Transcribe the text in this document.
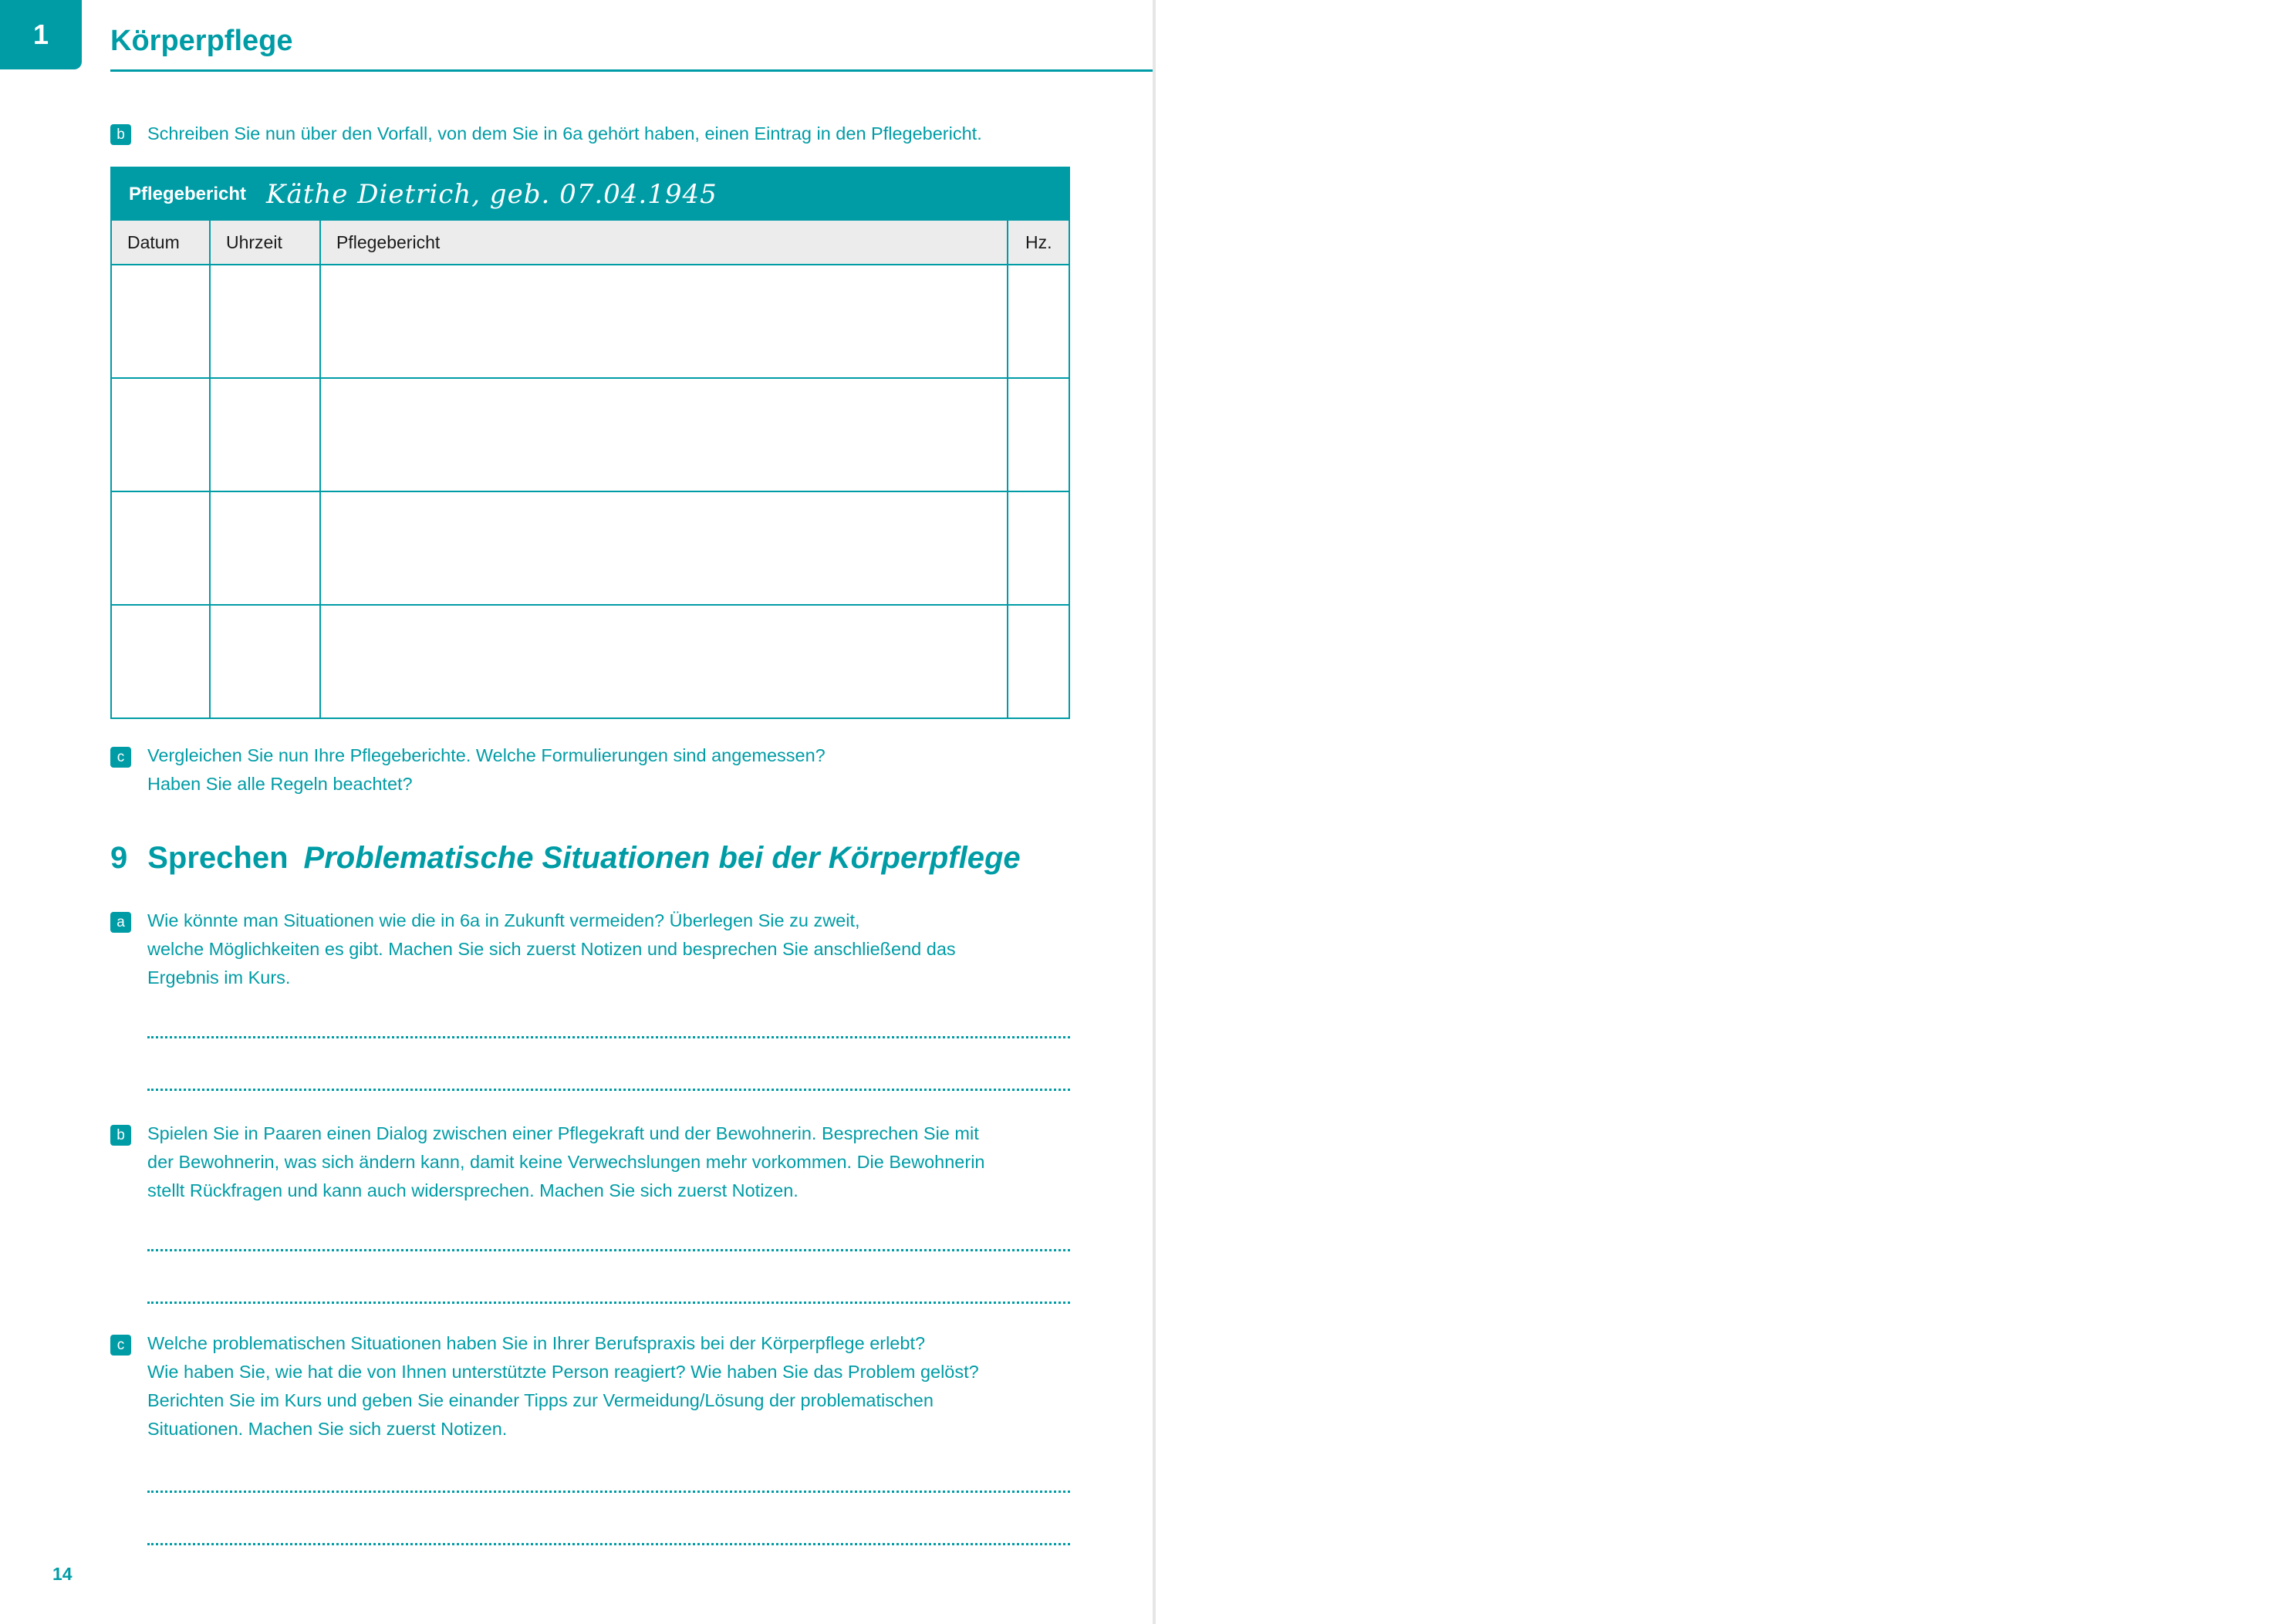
1	Körperpflege
b	Schreiben Sie nun über den Vorfall, von dem Sie in 6a gehört haben, einen Eintrag in den Pflegebericht.
Pflegebericht Käthe Dietrich, geb. 07.04.1945
Datum	Uhrzeit	Pflegebericht	Hz.
c	Vergleichen Sie nun Ihre Pflegeberichte. Welche Formulierungen sind angemessen?
Haben Sie alle Regeln beachtet?
9 Sprechen Problematische Situationen bei der Körperpflege
a	Wie könnte man Situationen wie die in 6a in Zukunft vermeiden? Überlegen Sie zu zweit,
welche Möglichkeiten es gibt. Machen Sie sich zuerst Notizen und besprechen Sie anschließend das
Ergebnis im Kurs.
b	Spielen Sie in Paaren einen Dialog zwischen einer Pflegekraft und der Bewohnerin. Besprechen Sie mit
der Bewohnerin, was sich ändern kann, damit keine Verwechslungen mehr vorkommen. Die Bewohnerin
stellt Rückfragen und kann auch widersprechen. Machen Sie sich zuerst Notizen.
c	Welche problematischen Situationen haben Sie in Ihrer Berufspraxis bei der Körperpflege erlebt?
Wie haben Sie, wie hat die von Ihnen unterstützte Person reagiert? Wie haben Sie das Problem gelöst?
Berichten Sie im Kurs und geben Sie einander Tipps zur Vermeidung/Lösung der problematischen
Situationen. Machen Sie sich zuerst Notizen.
14
